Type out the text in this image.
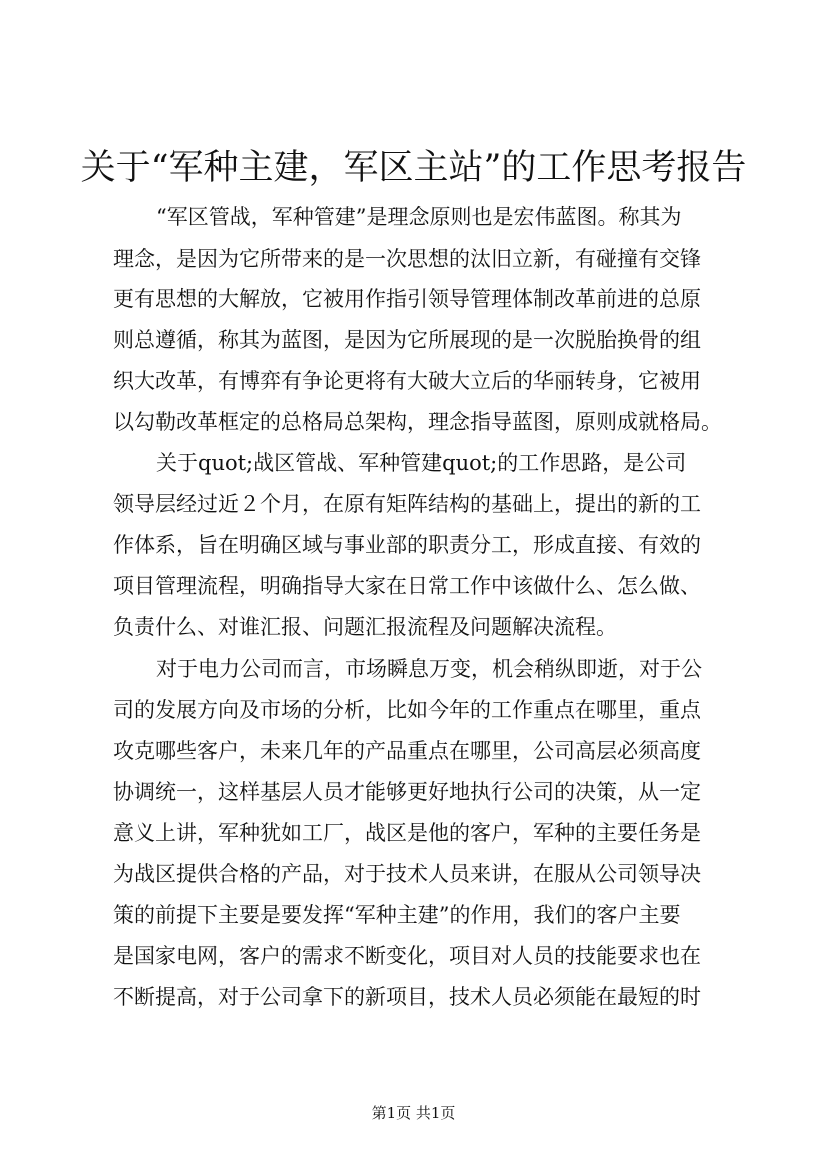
关于“军种主建，军区主站”的工作思考报告

“军区管战，军种管建”是理念原则也是宏伟蓝图。称其为

理念，是因为它所带来的是一次思想的汰旧立新，有碰撞有交锋

更有思想的大解放，它被用作指引领导管理体制改革前进的总原

则总遵循，称其为蓝图，是因为它所展现的是一次脱胎换骨的组

织大改革，有博弈有争论更将有大破大立后的华丽转身，它被用

以勾勒改革框定的总格局总架构，理念指导蓝图，原则成就格局。

关于quot;战区管战、军种管建quot;的工作思路，是公司

领导层经过近２个月，在原有矩阵结构的基础上，提出的新的工

作体系，旨在明确区域与事业部的职责分工，形成直接、有效的

项目管理流程，明确指导大家在日常工作中该做什么、怎么做、

负责什么、对谁汇报、问题汇报流程及问题解决流程。

对于电力公司而言，市场瞬息万变，机会稍纵即逝，对于公

司的发展方向及市场的分析，比如今年的工作重点在哪里，重点

攻克哪些客户，未来几年的产品重点在哪里，公司高层必须高度

协调统一，这样基层人员才能够更好地执行公司的决策，从一定

意义上讲，军种犹如工厂，战区是他的客户，军种的主要任务是

为战区提供合格的产品，对于技术人员来讲，在服从公司领导决

策的前提下主要是要发挥“军种主建”的作用，我们的客户主要

是国家电网，客户的需求不断变化，项目对人员的技能要求也在

不断提高，对于公司拿下的新项目，技术人员必须能在最短的时

第1页 共1页
